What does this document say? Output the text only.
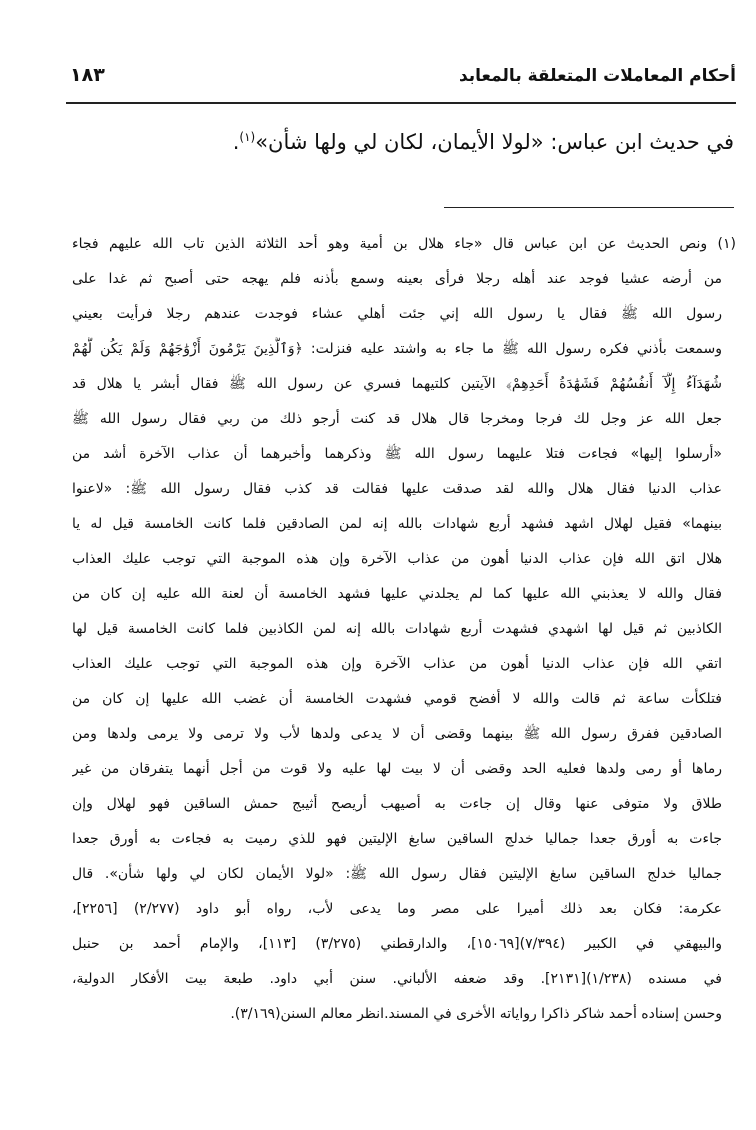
أحكام المعاملات المتعلقة بالمعابد
١٨٣
في حديث ابن عباس: «لولا الأيمان، لكان لي ولها شأن»$^{(١)}$.
(١) ونص الحديث عن ابن عباس قال «جاء هلال بن أمية وهو أحد الثلاثة الذين تاب الله عليهم فجاء
من أرضه عشيا فوجد عند أهله رجلا فرأى بعينه وسمع بأذنه فلم يهجه حتى أصبح ثم غدا على
رسول الله ﷺ فقال يا رسول الله إني جئت أهلي عشاء فوجدت عندهم رجلا فرأيت بعيني
وسمعت بأذني فكره رسول الله ﷺ ما جاء به واشتد عليه فنزلت: ﴿وَٱلَّذِينَ يَرْمُونَ أَزْوَٰجَهُمْ وَلَمْ يَكُن لَّهُمْ
شُهَدَآءُ إِلَّآ أَنفُسُهُمْ فَشَهَٰدَةُ أَحَدِهِمْ﴾ الآيتين كلتيهما فسري عن رسول الله ﷺ فقال أبشر يا هلال قد
جعل الله عز وجل لك فرجا ومخرجا قال هلال قد كنت أرجو ذلك من ربي فقال رسول الله ﷺ
«أرسلوا إليها» فجاءت فتلا عليهما رسول الله ﷺ وذكرهما وأخبرهما أن عذاب الآخرة أشد من
عذاب الدنيا فقال هلال والله لقد صدقت عليها فقالت قد كذب فقال رسول الله ﷺ: «لاعنوا
بينهما» فقيل لهلال اشهد فشهد أربع شهادات بالله إنه لمن الصادقين فلما كانت الخامسة قيل له يا
هلال اتق الله فإن عذاب الدنيا أهون من عذاب الآخرة وإن هذه الموجبة التي توجب عليك العذاب
فقال والله لا يعذبني الله عليها كما لم يجلدني عليها فشهد الخامسة أن لعنة الله عليه إن كان من
الكاذبين ثم قيل لها اشهدي فشهدت أربع شهادات بالله إنه لمن الكاذبين فلما كانت الخامسة قيل لها
اتقي الله فإن عذاب الدنيا أهون من عذاب الآخرة وإن هذه الموجبة التي توجب عليك العذاب
فتلكأت ساعة ثم قالت والله لا أفضح قومي فشهدت الخامسة أن غضب الله عليها إن كان من
الصادقين ففرق رسول الله ﷺ بينهما وقضى أن لا يدعى ولدها لأب ولا ترمى ولا يرمى ولدها ومن
رماها أو رمى ولدها فعليه الحد وقضى أن لا بيت لها عليه ولا قوت من أجل أنهما يتفرقان من غير
طلاق ولا متوفى عنها وقال إن جاءت به أصيهب أريصح أثيبج حمش الساقين فهو لهلال وإن
جاءت به أورق جعدا جماليا خدلج الساقين سابغ الإليتين فهو للذي رميت به فجاءت به أورق جعدا
جماليا خدلج الساقين سابغ الإليتين فقال رسول الله ﷺ: «لولا الأيمان لكان لي ولها شأن». قال
عكرمة: فكان بعد ذلك أميرا على مصر وما يدعى لأب، رواه أبو داود (٢/٢٧٧) [٢٢٥٦]،
والبيهقي في الكبير (٧/٣٩٤)[١٥٠٦٩]، والدارقطني (٣/٢٧٥) [١١٣]، والإمام أحمد بن حنبل
في مسنده (١/٢٣٨)[٢١٣١]. وقد ضعفه الألباني. سنن أبي داود. طبعة بيت الأفكار الدولية،
وحسن إسناده أحمد شاكر ذاكرا رواياته الأخرى في المسند.انظر معالم السنن(٣/١٦٩).
